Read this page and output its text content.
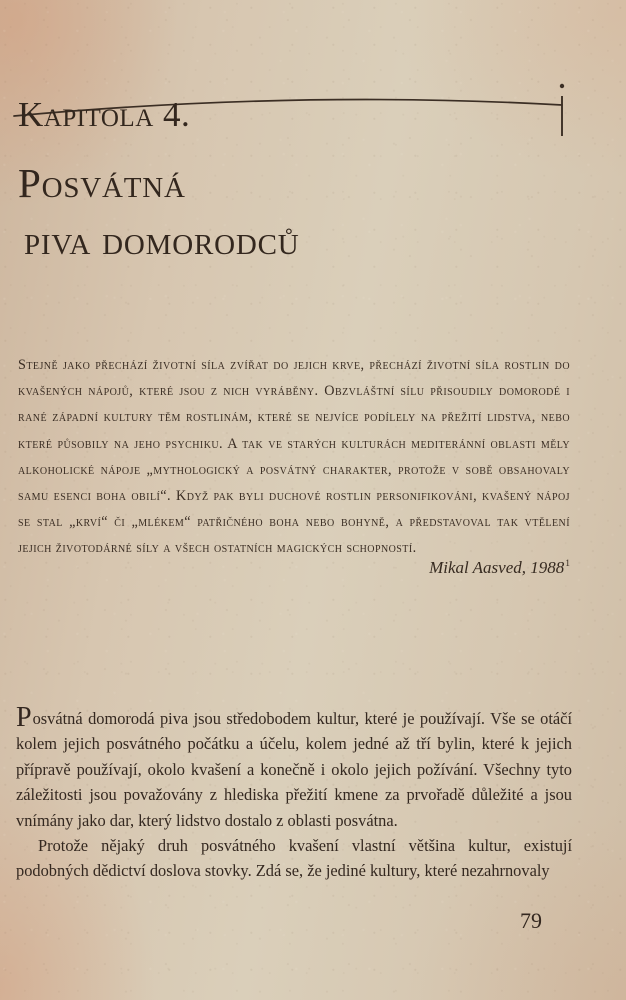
Kapitola 4.
Posvátná
piva domorodců

Stejně jako přechází životní síla zvířat do jejich krve, přechází životní síla rostlin do kvašených nápojů, které jsou z nich vyráběny. Obzvláštní sílu přisoudily domorodé i rané západní kultury těm rostlinám, které se nejvíce podílely na přežití lidstva, nebo které působily na jeho psychiku. A tak ve starých kulturách mediteránní oblasti měly alkoholické nápoje „mythologický a posvátný charakter, protože v sobě obsahovaly samu esenci boha obilí“. Když pak byli duchové rostlin personifikováni, kvašený nápoj se stal „krví“ či „mlékem“ patřičného boha nebo bohyně, a představoval tak vtělení jejich životodárné síly a všech ostatních magických schopností.

Mikal Aasved, 1988$^1$

Posvátná domorodá piva jsou středobodem kultur, které je používají. Vše se otáčí kolem jejich posvátného počátku a účelu, kolem jedné až tří bylin, které k jejich přípravě používají, okolo kvašení a konečně i okolo jejich požívání. Všechny tyto záležitosti jsou považovány z hlediska přežití kmene za prvořadě důležité a jsou vnímány jako dar, který lidstvo dostalo z oblasti posvátna.

Protože nějaký druh posvátného kvašení vlastní většina kultur, existují podobných dědictví doslova stovky. Zdá se, že jediné kultury, které nezahrnovaly

79
